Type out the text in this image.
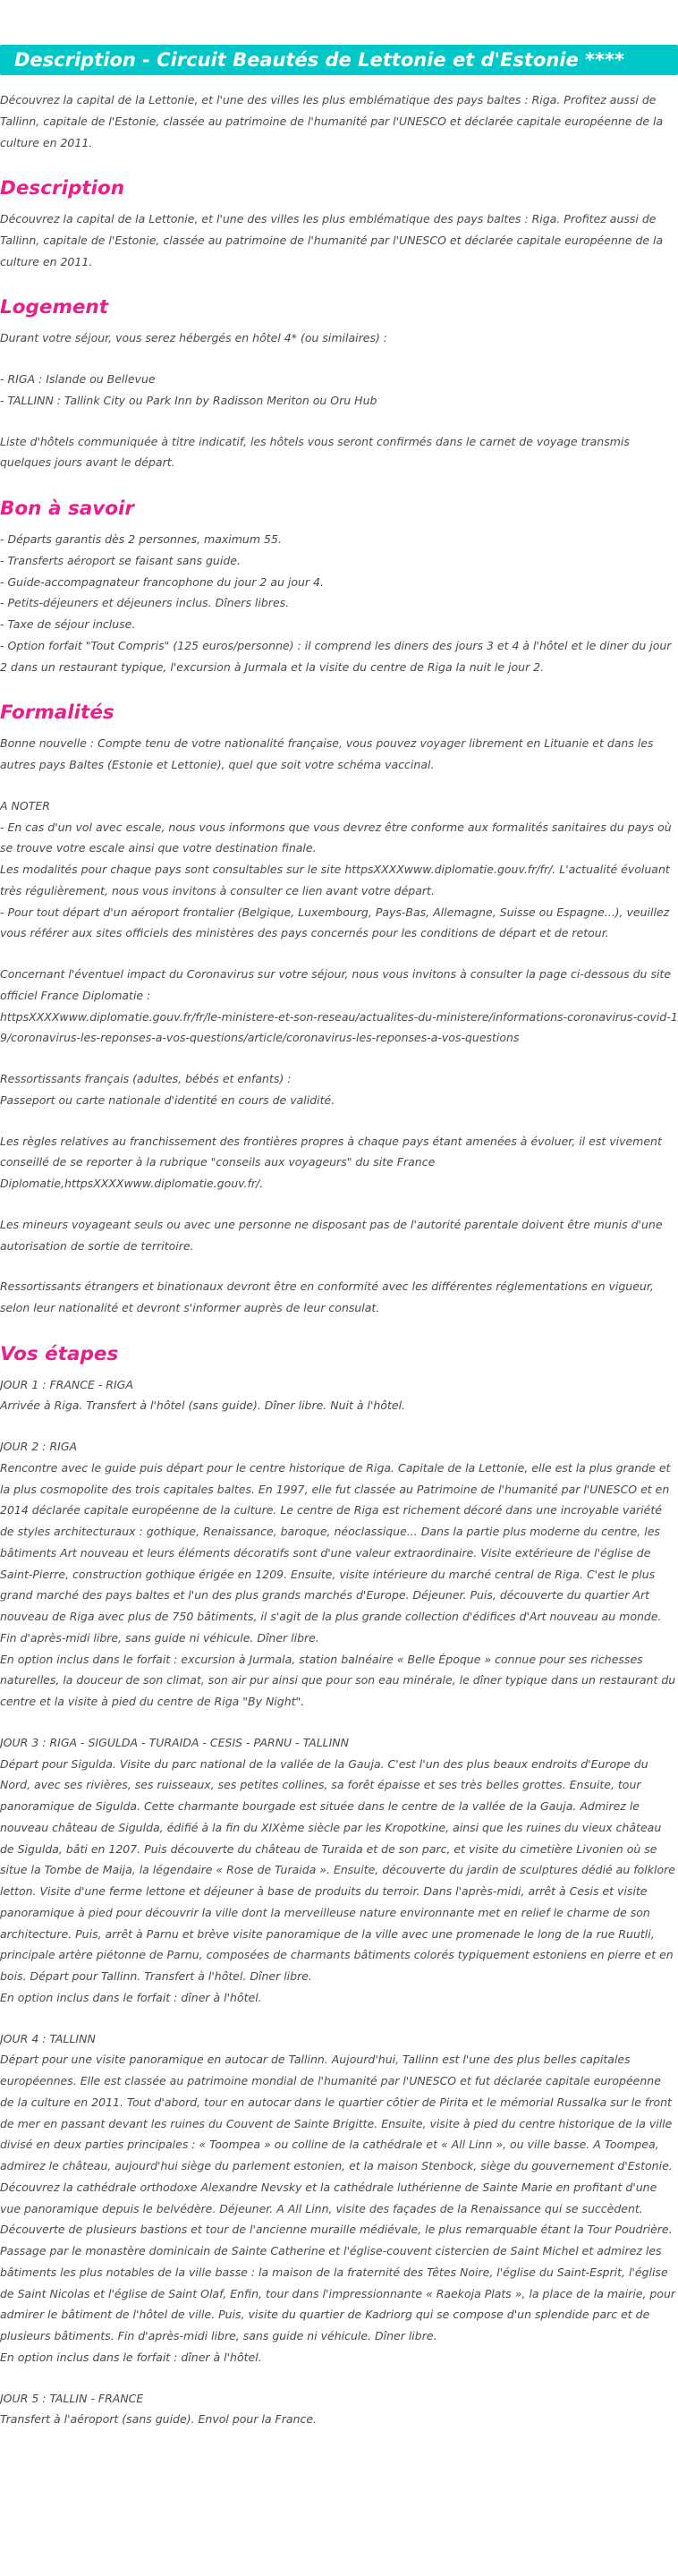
Description - Circuit Beautés de Lettonie et d'Estonie ****

Découvrez la capital de la Lettonie, et l'une des villes les plus emblématique des pays baltes : Riga. Profitez aussi de Tallinn, capitale de l'Estonie, classée au patrimoine de l'humanité par l'UNESCO et déclarée capitale européenne de la culture en 2011.

Description

Découvrez la capital de la Lettonie, et l'une des villes les plus emblématique des pays baltes : Riga. Profitez aussi de Tallinn, capitale de l'Estonie, classée au patrimoine de l'humanité par l'UNESCO et déclarée capitale européenne de la culture en 2011.

Logement

Durant votre séjour, vous serez hébergés en hôtel 4* (ou similaires) :

- RIGA : Islande ou Bellevue

- TALLINN : Tallink City ou Park Inn by Radisson Meriton ou Oru Hub

Liste d'hôtels communiquée à titre indicatif, les hôtels vous seront confirmés dans le carnet de voyage transmis quelques jours avant le départ.

Bon à savoir

- Départs garantis dès 2 personnes, maximum 55.

- Transferts aéroport se faisant sans guide.

- Guide-accompagnateur francophone du jour 2 au jour 4.

- Petits-déjeuners et déjeuners inclus. Dîners libres.

- Taxe de séjour incluse.

- Option forfait "Tout Compris" (125 euros/personne) : il comprend les diners des jours 3 et 4 à l'hôtel et le diner du jour 2 dans un restaurant typique, l'excursion à Jurmala et la visite du centre de Riga la nuit le jour 2.

Formalités

Bonne nouvelle : Compte tenu de votre nationalité française, vous pouvez voyager librement en Lituanie et dans les autres pays Baltes (Estonie et Lettonie), quel que soit votre schéma vaccinal.

A NOTER

- En cas d'un vol avec escale, nous vous informons que vous devrez être conforme aux formalités sanitaires du pays où se trouve votre escale ainsi que votre destination finale.

Les modalités pour chaque pays sont consultables sur le site httpsXXXXwww.diplomatie.gouv.fr/fr/. L'actualité évoluant très régulièrement, nous vous invitons à consulter ce lien avant votre départ.

- Pour tout départ d'un aéroport frontalier (Belgique, Luxembourg, Pays-Bas, Allemagne, Suisse ou Espagne...), veuillez vous référer aux sites officiels des ministères des pays concernés pour les conditions de départ et de retour.

Concernant l'éventuel impact du Coronavirus sur votre séjour, nous vous invitons à consulter la page ci-dessous du site officiel France Diplomatie :

httpsXXXXwww.diplomatie.gouv.fr/fr/le-ministere-et-son-reseau/actualites-du-ministere/informations-coronavirus-covid-19/coronavirus-les-reponses-a-vos-questions/article/coronavirus-les-reponses-a-vos-questions

Ressortissants français (adultes, bébés et enfants) :

Passeport ou carte nationale d'identité en cours de validité.

Les règles relatives au franchissement des frontières propres à chaque pays étant amenées à évoluer, il est vivement conseillé de se reporter à la rubrique "conseils aux voyageurs" du site France Diplomatie,httpsXXXXwww.diplomatie.gouv.fr/.

Les mineurs voyageant seuls ou avec une personne ne disposant pas de l'autorité parentale doivent être munis d'une autorisation de sortie de territoire.

Ressortissants étrangers et binationaux devront être en conformité avec les différentes réglementations en vigueur, selon leur nationalité et devront s'informer auprès de leur consulat.

Vos étapes

JOUR 1 : FRANCE - RIGA

Arrivée à Riga. Transfert à l'hôtel (sans guide). Dîner libre. Nuit à l'hôtel.

JOUR 2 : RIGA

Rencontre avec le guide puis départ pour le centre historique de Riga. Capitale de la Lettonie, elle est la plus grande et la plus cosmopolite des trois capitales baltes. En 1997, elle fut classée au Patrimoine de l'humanité par l'UNESCO et en 2014 déclarée capitale européenne de la culture. Le centre de Riga est richement décoré dans une incroyable variété de styles architecturaux : gothique, Renaissance, baroque, néoclassique... Dans la partie plus moderne du centre, les bâtiments Art nouveau et leurs éléments décoratifs sont d'une valeur extraordinaire. Visite extérieure de l'église de Saint-Pierre, construction gothique érigée en 1209. Ensuite, visite intérieure du marché central de Riga. C'est le plus grand marché des pays baltes et l'un des plus grands marchés d'Europe. Déjeuner. Puis, découverte du quartier Art nouveau de Riga avec plus de 750 bâtiments, il s'agit de la plus grande collection d'édifices d'Art nouveau au monde. Fin d'après-midi libre, sans guide ni véhicule. Dîner libre.

En option inclus dans le forfait : excursion à Jurmala, station balnéaire « Belle Époque » connue pour ses richesses naturelles, la douceur de son climat, son air pur ainsi que pour son eau minérale, le dîner typique dans un restaurant du centre et la visite à pied du centre de Riga "By Night".

JOUR 3 : RIGA - SIGULDA - TURAIDA - CESIS - PARNU - TALLINN

Départ pour Sigulda. Visite du parc national de la vallée de la Gauja. C'est l'un des plus beaux endroits d'Europe du Nord, avec ses rivières, ses ruisseaux, ses petites collines, sa forêt épaisse et ses très belles grottes. Ensuite, tour panoramique de Sigulda. Cette charmante bourgade est située dans le centre de la vallée de la Gauja. Admirez le nouveau château de Sigulda, édifié à la fin du XIXème siècle par les Kropotkine, ainsi que les ruines du vieux château de Sigulda, bâti en 1207. Puis découverte du château de Turaida et de son parc, et visite du cimetière Livonien où se situe la Tombe de Maija, la légendaire « Rose de Turaida ». Ensuite, découverte du jardin de sculptures dédié au folklore letton. Visite d'une ferme lettone et déjeuner à base de produits du terroir. Dans l'après-midi, arrêt à Cesis et visite panoramique à pied pour découvrir la ville dont la merveilleuse nature environnante met en relief le charme de son architecture. Puis, arrêt à Parnu et brève visite panoramique de la ville avec une promenade le long de la rue Ruutli, principale artère piétonne de Parnu, composées de charmants bâtiments colorés typiquement estoniens en pierre et en bois. Départ pour Tallinn. Transfert à l'hôtel. Dîner libre.

En option inclus dans le forfait : dîner à l'hôtel.

JOUR 4 : TALLINN

Départ pour une visite panoramique en autocar de Tallinn. Aujourd'hui, Tallinn est l'une des plus belles capitales européennes. Elle est classée au patrimoine mondial de l'humanité par l'UNESCO et fut déclarée capitale européenne de la culture en 2011. Tout d'abord, tour en autocar dans le quartier côtier de Pirita et le mémorial Russalka sur le front de mer en passant devant les ruines du Couvent de Sainte Brigitte. Ensuite, visite à pied du centre historique de la ville divisé en deux parties principales : « Toompea » ou colline de la cathédrale et « All Linn », ou ville basse. A Toompea, admirez le château, aujourd'hui siège du parlement estonien, et la maison Stenbock, siège du gouvernement d'Estonie. Découvrez la cathédrale orthodoxe Alexandre Nevsky et la cathédrale luthérienne de Sainte Marie en profitant d'une vue panoramique depuis le belvédère. Déjeuner. A All Linn, visite des façades de la Renaissance qui se succèdent. Découverte de plusieurs bastions et tour de l'ancienne muraille médiévale, le plus remarquable étant la Tour Poudrière. Passage par le monastère dominicain de Sainte Catherine et l'église-couvent cistercien de Saint Michel et admirez les bâtiments les plus notables de la ville basse : la maison de la fraternité des Têtes Noire, l'église du Saint-Esprit, l'église de Saint Nicolas et l'église de Saint Olaf, Enfin, tour dans l'impressionnante « Raekoja Plats », la place de la mairie, pour admirer le bâtiment de l'hôtel de ville. Puis, visite du quartier de Kadriorg qui se compose d'un splendide parc et de plusieurs bâtiments. Fin d'après-midi libre, sans guide ni véhicule. Dîner libre.

En option inclus dans le forfait : dîner à l'hôtel.

JOUR 5 : TALLIN - FRANCE

Transfert à l'aéroport (sans guide). Envol pour la France.
